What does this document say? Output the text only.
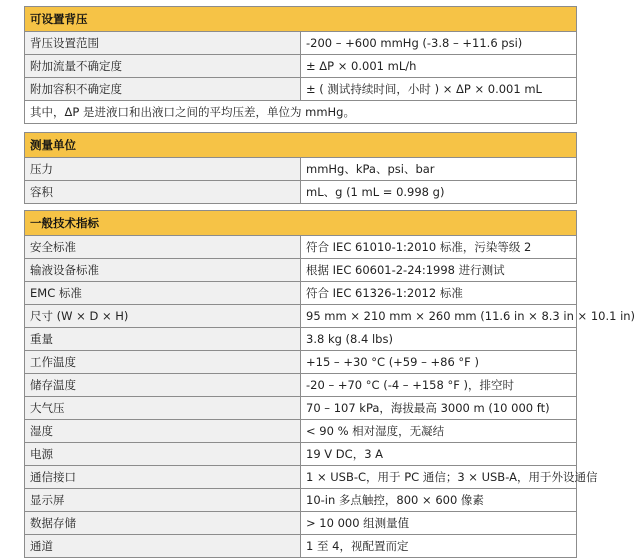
可设置背压	
背压设置范围	-200 – +600 mmHg (-3.8 – +11.6 psi)
附加流量不确定度	± ΔP × 0.001 mL/h
附加容积不确定度	± ( 测试持续时间，小时 ) × ΔP × 0.001 mL
其中，ΔP 是进液口和出液口之间的平均压差，单位为 mmHg。	
测量单位	
压力	mmHg、kPa、psi、bar
容积	mL、g (1 mL = 0.998 g)
一般技术指标	
安全标准	符合 IEC 61010-1:2010 标准，污染等级 2
输液设备标准	根据 IEC 60601-2-24:1998 进行测试
EMC 标准	符合 IEC 61326-1:2012 标准
尺寸 (W × D × H)	95 mm × 210 mm × 260 mm (11.6 in × 8.3 in × 10.1 in)
重量	3.8 kg (8.4 lbs)
工作温度	+15 – +30 °C (+59 – +86 °F )
储存温度	-20 – +70 °C (-4 – +158 °F )，排空时
大气压	70 – 107 kPa，海拔最高 3000 m (10 000 ft)
湿度	< 90 % 相对湿度，无凝结
电源	19 V DC，3 A
通信接口	1 × USB-C，用于 PC 通信；3 × USB-A，用于外设通信
显示屏	10-in 多点触控，800 × 600 像素
数据存储	> 10 000 组测量值
通道	1 至 4，视配置而定
